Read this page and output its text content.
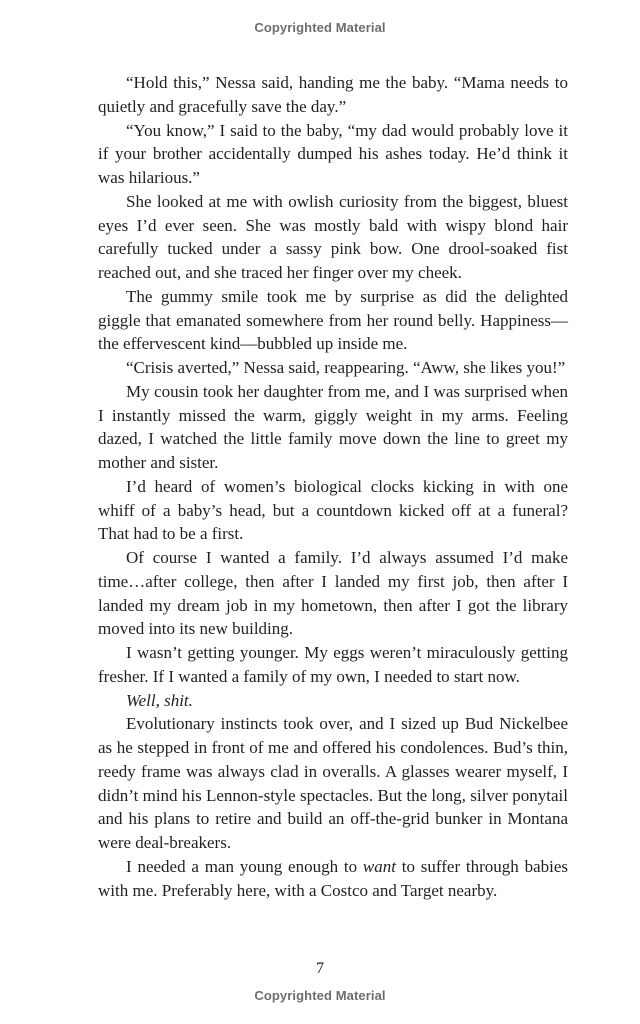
Copyrighted Material

“Hold this,” Nessa said, handing me the baby. “Mama needs to quietly and gracefully save the day.”

“You know,” I said to the baby, “my dad would probably love it if your brother accidentally dumped his ashes today. He’d think it was hilarious.”

She looked at me with owlish curiosity from the biggest, bluest eyes I’d ever seen. She was mostly bald with wispy blond hair carefully tucked under a sassy pink bow. One drool-soaked fist reached out, and she traced her finger over my cheek.

The gummy smile took me by surprise as did the delighted giggle that emanated somewhere from her round belly. Happiness—the effervescent kind—bubbled up inside me.

“Crisis averted,” Nessa said, reappearing. “Aww, she likes you!”

My cousin took her daughter from me, and I was surprised when I instantly missed the warm, giggly weight in my arms. Feeling dazed, I watched the little family move down the line to greet my mother and sister.

I’d heard of women’s biological clocks kicking in with one whiff of a baby’s head, but a countdown kicked off at a funeral? That had to be a first.

Of course I wanted a family. I’d always assumed I’d make time…after college, then after I landed my first job, then after I landed my dream job in my hometown, then after I got the library moved into its new building.

I wasn’t getting younger. My eggs weren’t miraculously getting fresher. If I wanted a family of my own, I needed to start now.

Well, shit.

Evolutionary instincts took over, and I sized up Bud Nickelbee as he stepped in front of me and offered his condolences. Bud’s thin, reedy frame was always clad in overalls. A glasses wearer myself, I didn’t mind his Lennon-style spectacles. But the long, silver ponytail and his plans to retire and build an off-the-grid bunker in Montana were deal-breakers.

I needed a man young enough to want to suffer through babies with me. Preferably here, with a Costco and Target nearby.

7
Copyrighted Material
